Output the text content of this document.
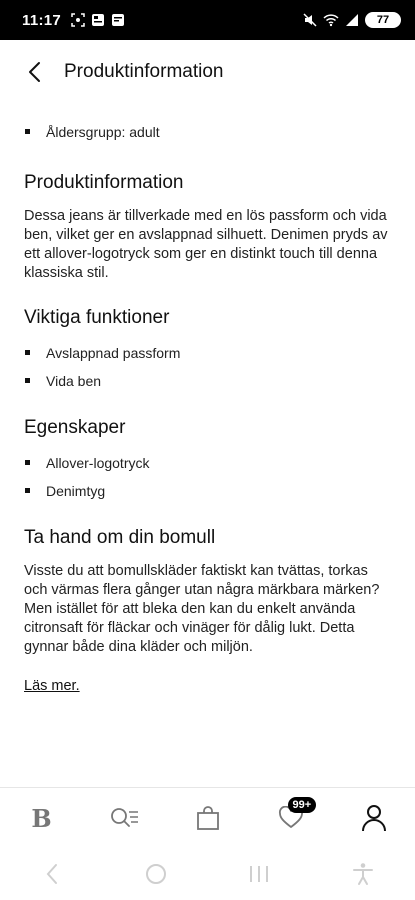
11:17	77
Produktinformation
Åldersgrupp: adult
Produktinformation

Dessa jeans är tillverkade med en lös passform och vida ben, vilket ger en avslappnad silhuett. Denimen pryds av ett allover-logotryck som ger en distinkt touch till denna klassiska stil.

Viktiga funktioner
Avslappnad passform
Vida ben
Egenskaper
Allover-logotryck
Denimtyg
Ta hand om din bomull

Visste du att bomullskläder faktiskt kan tvättas, torkas och värmas flera gånger utan några märkbara märken? Men istället för att bleka den kan du enkelt använda citronsaft för fläckar och vinäger för dålig lukt. Detta gynnar både dina kläder och miljön.

Läs mer.
B	99+
